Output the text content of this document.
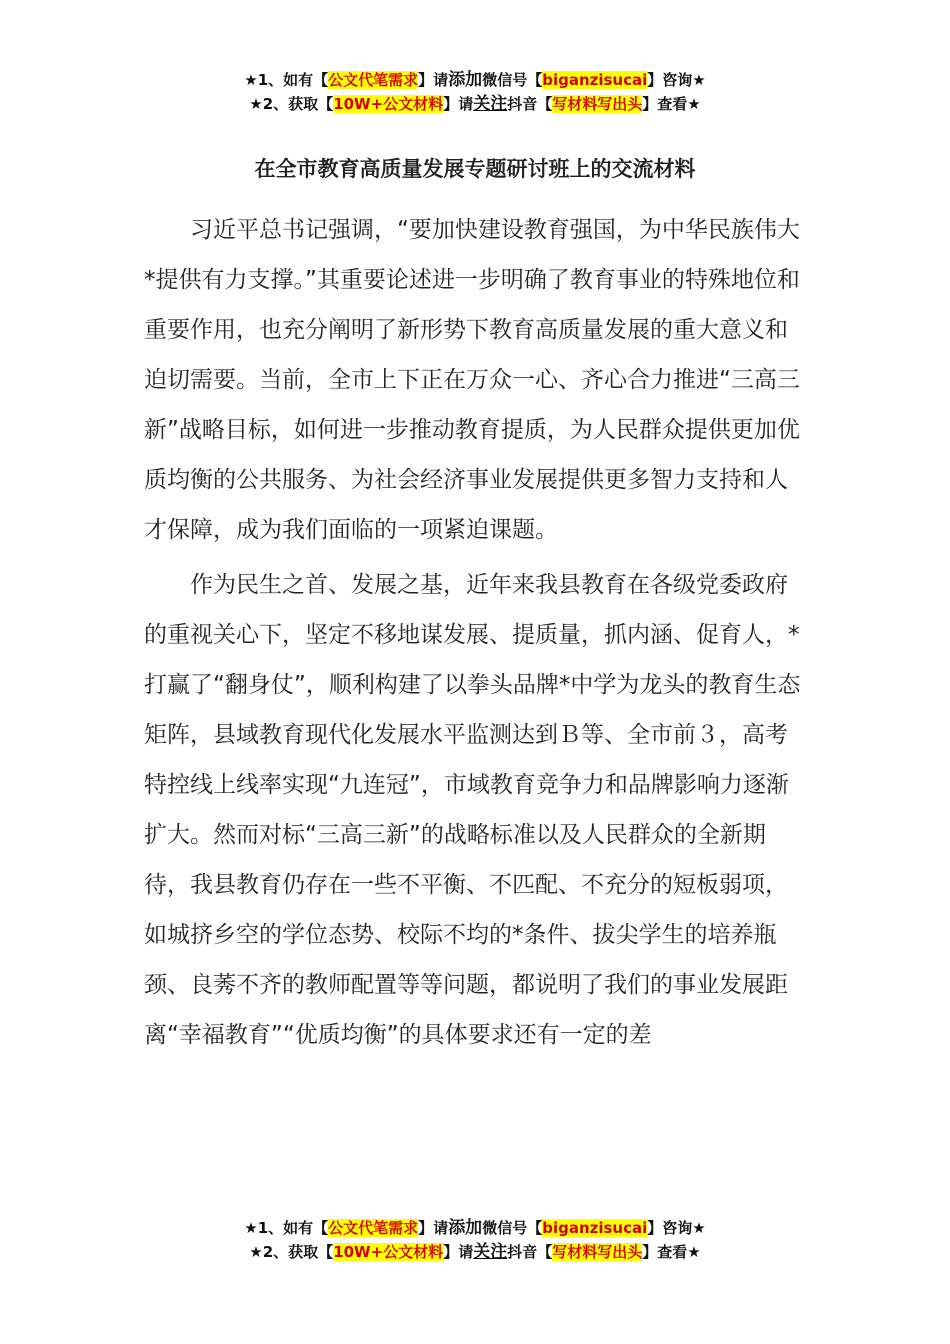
★1、如有【公文代笔需求】请添加微信号【biganzisucai】咨询★
★2、获取【10W+公文材料】请关注抖音【写材料写出头】查看★
在全市教育高质量发展专题研讨班上的交流材料

习近平总书记强调，“要加快建设教育强国，为中华民族伟大*提供有力支撑。”其重要论述进一步明确了教育事业的特殊地位和重要作用，也充分阐明了新形势下教育高质量发展的重大意义和迫切需要。当前，全市上下正在万众一心、齐心合力推进“三高三新”战略目标，如何进一步推动教育提质，为人民群众提供更加优质均衡的公共服务、为社会经济事业发展提供更多智力支持和人才保障，成为我们面临的一项紧迫课题。

作为民生之首、发展之基，近年来我县教育在各级党委政府的重视关心下，坚定不移地谋发展、提质量，抓内涵、促育人，*打赢了“翻身仗”，顺利构建了以拳头品牌*中学为龙头的教育生态矩阵，县域教育现代化发展水平监测达到Ｂ等、全市前３，高考特控线上线率实现“九连冠”，市域教育竞争力和品牌影响力逐渐扩大。然而对标“三高三新”的战略标准以及人民群众的全新期待，我县教育仍存在一些不平衡、不匹配、不充分的短板弱项，如城挤乡空的学位态势、校际不均的*条件、拔尖学生的培养瓶颈、良莠不齐的教师配置等等问题，都说明了我们的事业发展距离“幸福教育”“优质均衡”的具体要求还有一定的差

★1、如有【公文代笔需求】请添加微信号【biganzisucai】咨询★
★2、获取【10W+公文材料】请关注抖音【写材料写出头】查看★
